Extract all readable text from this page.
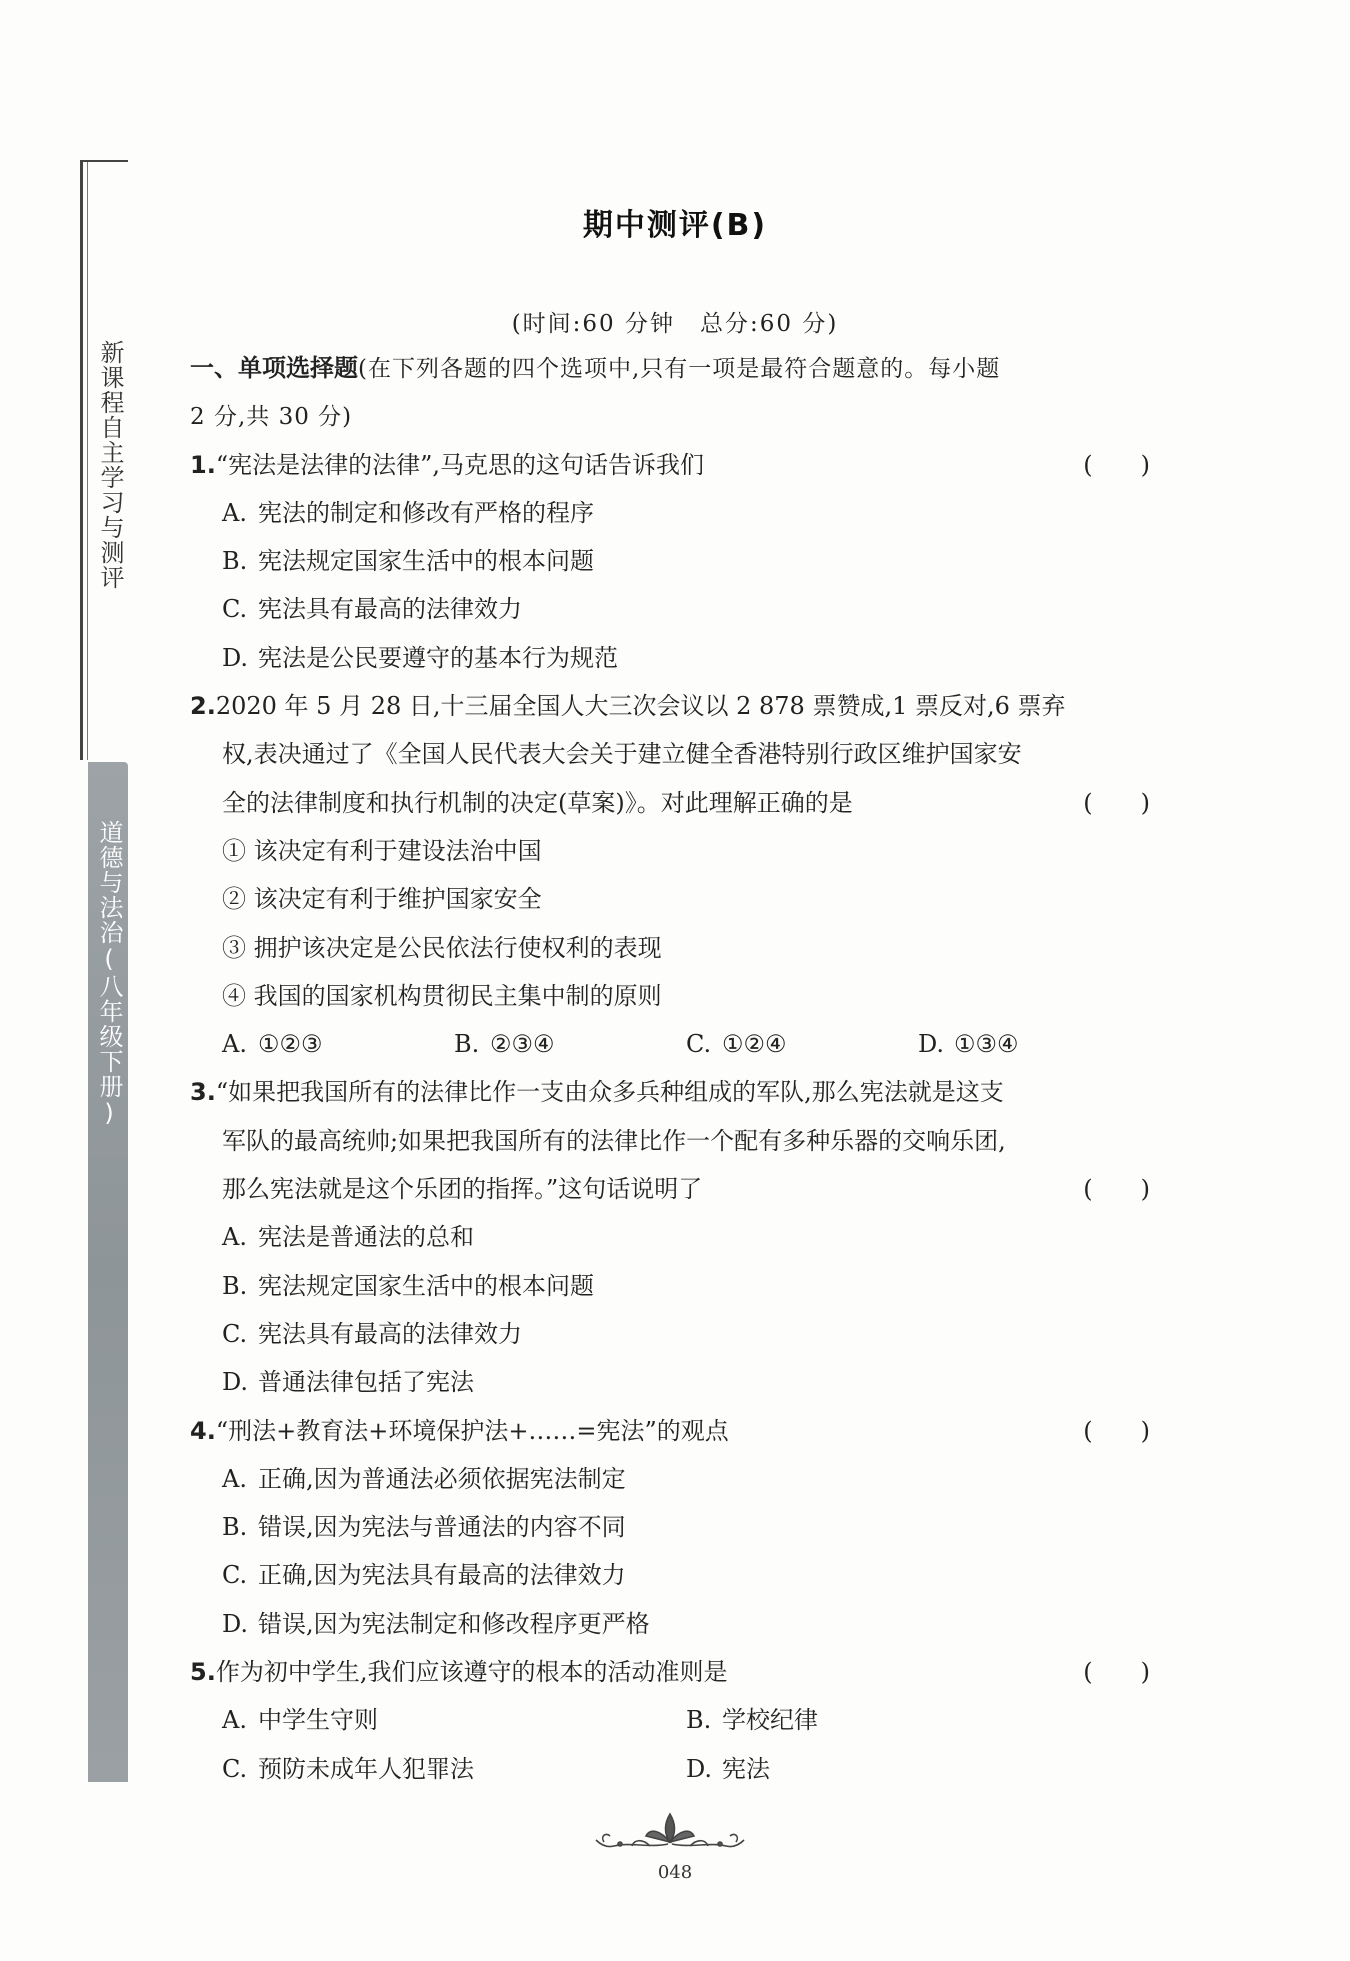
新课程自主学习与测评
道德与法治(八年级下册)
期中测评(B)
(时间:60 分钟　总分:60 分)
一、单项选择题(在下列各题的四个选项中,只有一项是最符合题意的。每小题
2 分,共 30 分)
1.“宪法是法律的法律”,马克思的这句话告诉我们	(　　)
A. 宪法的制定和修改有严格的程序
B. 宪法规定国家生活中的根本问题
C. 宪法具有最高的法律效力
D. 宪法是公民要遵守的基本行为规范
2.2020 年 5 月 28 日,十三届全国人大三次会议以 2 878 票赞成,1 票反对,6 票弃
权,表决通过了《全国人民代表大会关于建立健全香港特别行政区维护国家安
全的法律制度和执行机制的决定(草案)》。对此理解正确的是	(　　)
① 该决定有利于建设法治中国
② 该决定有利于维护国家安全
③ 拥护该决定是公民依法行使权利的表现
④ 我国的国家机构贯彻民主集中制的原则
A. ①②③	B. ②③④	C. ①②④	D. ①③④
3.“如果把我国所有的法律比作一支由众多兵种组成的军队,那么宪法就是这支
军队的最高统帅;如果把我国所有的法律比作一个配有多种乐器的交响乐团,
那么宪法就是这个乐团的指挥。”这句话说明了	(　　)
A. 宪法是普通法的总和
B. 宪法规定国家生活中的根本问题
C. 宪法具有最高的法律效力
D. 普通法律包括了宪法
4.“刑法+教育法+环境保护法+……=宪法”的观点	(　　)
A. 正确,因为普通法必须依据宪法制定
B. 错误,因为宪法与普通法的内容不同
C. 正确,因为宪法具有最高的法律效力
D. 错误,因为宪法制定和修改程序更严格
5.作为初中学生,我们应该遵守的根本的活动准则是	(　　)
A. 中学生守则	B. 学校纪律
C. 预防未成年人犯罪法	D. 宪法
048
